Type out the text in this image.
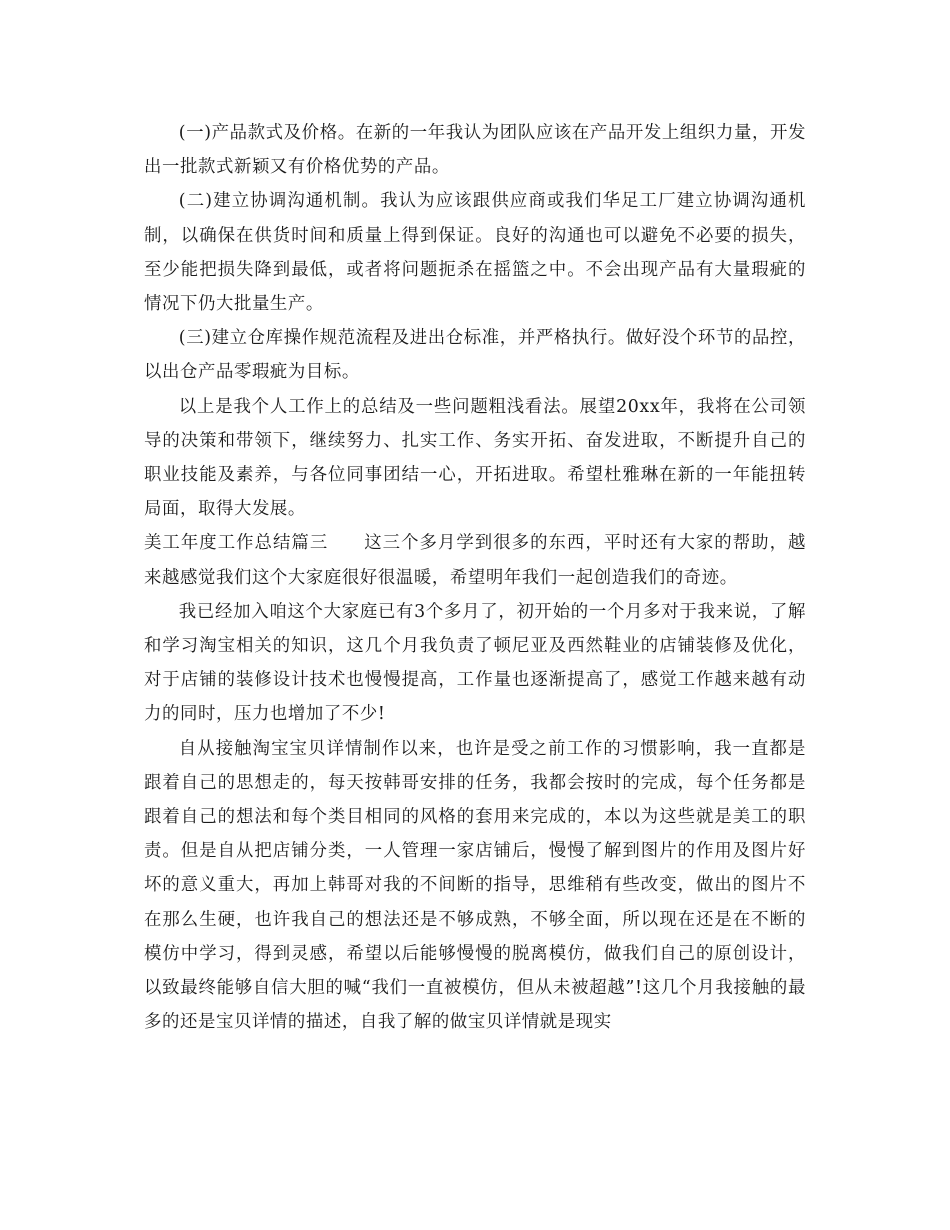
(一)产品款式及价格。在新的一年我认为团队应该在产品开发上组织力量，开发出一批款式新颖又有价格优势的产品。

(二)建立协调沟通机制。我认为应该跟供应商或我们华足工厂建立协调沟通机制，以确保在供货时间和质量上得到保证。良好的沟通也可以避免不必要的损失，至少能把损失降到最低，或者将问题扼杀在摇篮之中。不会出现产品有大量瑕疵的情况下仍大批量生产。

(三)建立仓库操作规范流程及进出仓标准，并严格执行。做好没个环节的品控，以出仓产品零瑕疵为目标。

以上是我个人工作上的总结及一些问题粗浅看法。展望20xx年，我将在公司领导的决策和带领下，继续努力、扎实工作、务实开拓、奋发进取，不断提升自己的职业技能及素养，与各位同事团结一心，开拓进取。希望杜雅琳在新的一年能扭转局面，取得大发展。

美工年度工作总结篇三 这三个多月学到很多的东西，平时还有大家的帮助，越来越感觉我们这个大家庭很好很温暖，希望明年我们一起创造我们的奇迹。

我已经加入咱这个大家庭已有3个多月了，初开始的一个月多对于我来说，了解和学习淘宝相关的知识，这几个月我负责了顿尼亚及西然鞋业的店铺装修及优化，对于店铺的装修设计技术也慢慢提高，工作量也逐渐提高了，感觉工作越来越有动力的同时，压力也增加了不少!

自从接触淘宝宝贝详情制作以来，也许是受之前工作的习惯影响，我一直都是跟着自己的思想走的，每天按韩哥安排的任务，我都会按时的完成，每个任务都是跟着自己的想法和每个类目相同的风格的套用来完成的，本以为这些就是美工的职责。但是自从把店铺分类，一人管理一家店铺后，慢慢了解到图片的作用及图片好坏的意义重大，再加上韩哥对我的不间断的指导，思维稍有些改变，做出的图片不在那么生硬，也许我自己的想法还是不够成熟，不够全面，所以现在还是在不断的模仿中学习，得到灵感，希望以后能够慢慢的脱离模仿，做我们自己的原创设计，以致最终能够自信大胆的喊“我们一直被模仿，但从未被超越”!这几个月我接触的最多的还是宝贝详情的描述，自我了解的做宝贝详情就是现实
